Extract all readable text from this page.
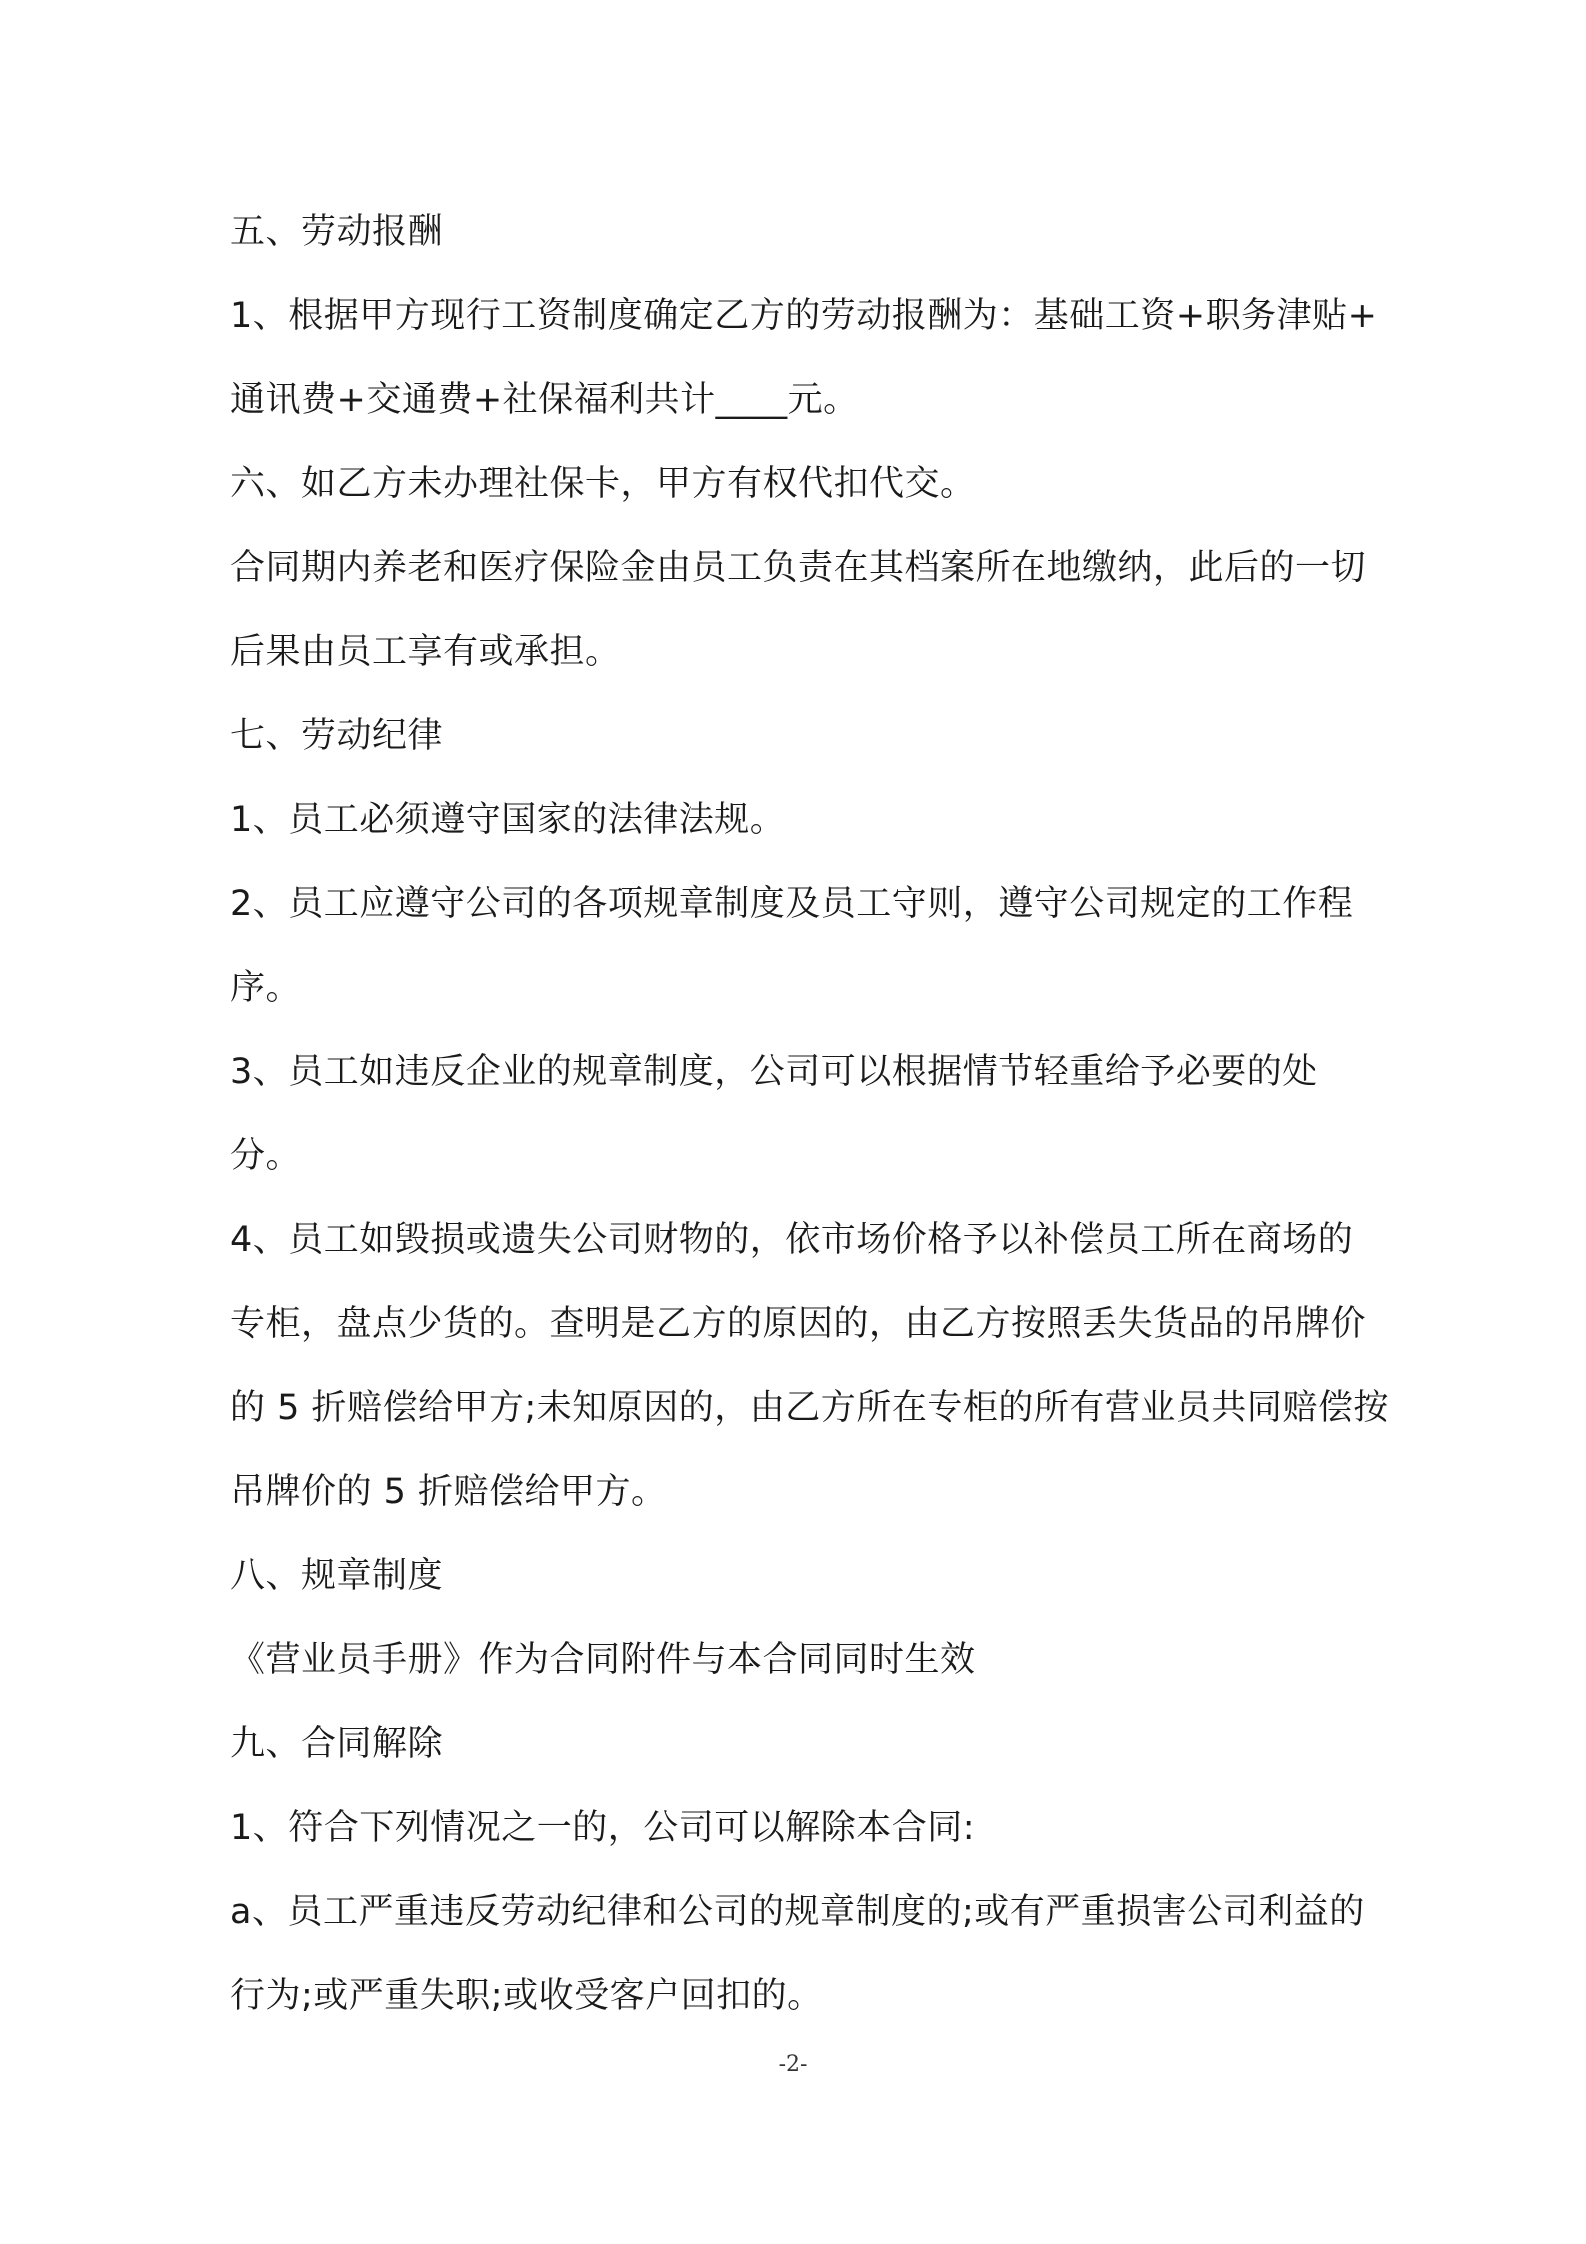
五、劳动报酬
1、根据甲方现行工资制度确定乙方的劳动报酬为：基础工资+职务津贴+
通讯费+交通费+社保福利共计____元。
六、如乙方未办理社保卡，甲方有权代扣代交。
合同期内养老和医疗保险金由员工负责在其档案所在地缴纳，此后的一切
后果由员工享有或承担。
七、劳动纪律
1、员工必须遵守国家的法律法规。
2、员工应遵守公司的各项规章制度及员工守则，遵守公司规定的工作程
序。
3、员工如违反企业的规章制度，公司可以根据情节轻重给予必要的处
分。
4、员工如毁损或遗失公司财物的，依市场价格予以补偿员工所在商场的
专柜，盘点少货的。查明是乙方的原因的，由乙方按照丢失货品的吊牌价
的 5 折赔偿给甲方;未知原因的，由乙方所在专柜的所有营业员共同赔偿按
吊牌价的 5 折赔偿给甲方。
八、规章制度
《营业员手册》作为合同附件与本合同同时生效
九、合同解除
1、符合下列情况之一的，公司可以解除本合同:
a、员工严重违反劳动纪律和公司的规章制度的;或有严重损害公司利益的
行为;或严重失职;或收受客户回扣的。
-2-
